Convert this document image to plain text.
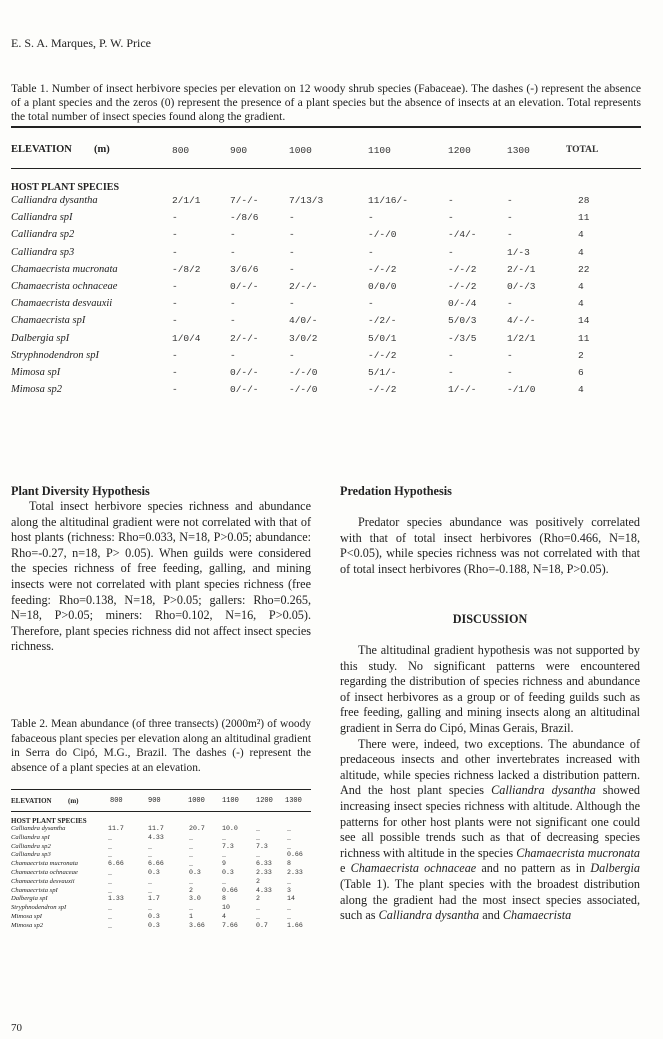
E. S. A. Marques, P. W. Price
Table 1. Number of insect herbivore species per elevation on 12 woody shrub species (Fabaceae). The dashes (-) represent the absence of a plant species and the zeros (0) represent the presence of a plant species but the absence of insects at an elevation. Total represents the total number of insect species found along the gradient.
ELEVATION (m)	800	900	1000	1100	1200	1300	TOTAL
HOST PLANT SPECIES
Calliandra dysantha	2/1/1	7/-/-	7/13/3	11/16/-	-	-	28
Calliandra spI	-	-/8/6	-	-	-	-	11
Calliandra sp2	-	-	-	-/-/0	-/4/-	-	4
Calliandra sp3	-	-	-	-	-	1/-3	4
Chamaecrista mucronata	-/8/2	3/6/6	-	-/-/2	-/-/2	2/-/1	22
Chamaecrista ochnaceae	-	0/-/-	2/-/-	0/0/0	-/-/2	0/-/3	4
Chamaecrista desvauxii	-	-	-	-	0/-/4	-	4
Chamaecrista spI	-	-	4/0/-	-/2/-	5/0/3	4/-/-	14
Dalbergia spI	1/0/4	2/-/-	3/0/2	5/0/1	-/3/5	1/2/1	11
Stryphnodendron spI	-	-	-	-/-/2	-	-	2
Mimosa spI	-	0/-/-	-/-/0	5/1/-	-	-	6
Mimosa sp2	-	0/-/-	-/-/0	-/-/2	1/-/-	-/1/0	4
Plant Diversity Hypothesis
Total insect herbivore species richness and abundance along the altitudinal gradient were not correlated with that of host plants (richness: Rho=0.033, N=18, P>0.05; abundance: Rho=-0.27, n=18, P> 0.05). When guilds were considered the species richness of free feeding, galling, and mining insects were not correlated with plant species richness (free feeding: Rho=0.138, N=18, P>0.05; gallers: Rho=0.265, N=18, P>0.05; miners: Rho=0.102, N=16, P>0.05). Therefore, plant species richness did not affect insect species richness.
Table 2. Mean abundance (of three transects) (2000m²) of woody fabaceous plant species per elevation along an altitudinal gradient in Serra do Cipó, M.G., Brazil. The dashes (-) represent the absence of a plant species at an elevation.
ELEVATION (m)	800	900	1000 1100 1200 1300
HOST PLANT SPECIES
Calliandra dysantha	11.7	11.7	20.7	10.0	_	_
Calliandra spI	_	4.33	_	_	_	_
Calliandra sp2	_	_	_	7.3	7.3	_
Calliandra sp3	_	_	_	_	_	0.66
Chamaecrista mucronata	6.66	6.66	_	9	6.33 8
Chamaecrista ochnaceae	_	0.3	0.3	0.3	2.33 2.33
Chamaecrista desvauxii	_	_	_	_	2	_
Chamaecrista spI	_	_	2	0.66	4.33 3
Dalbergia spI	1.33	1.7	3.0	8	2	14
Stryphnodendron spI	_	_	_	10	_	_
Mimosa spI	_	0.3	1	4	_	_
Mimosa sp2	_	0.3	3.66	7.66	0.7	1.66
Predation Hypothesis
Predator species abundance was positively correlated with that of total insect herbivores (Rho=0.466, N=18, P<0.05), while species richness was not correlated with that of total insect herbivores (Rho=-0.188, N=18, P>0.05).
DISCUSSION
The altitudinal gradient hypothesis was not supported by this study. No significant patterns were encountered regarding the distribution of species richness and abundance of insect herbivores as a group or of feeding guilds such as free feeding, galling and mining insects along an altitudinal gradient in Serra do Cipó, Minas Gerais, Brazil.
There were, indeed, two exceptions. The abundance of predaceous insects and other invertebrates increased with altitude, while species richness lacked a distribution pattern. And the host plant species Calliandra dysantha showed increasing insect species richness with altitude. Although the patterns for other host plants were not significant one could see all possible trends such as that of decreasing species richness with altitude in the species Chamaecrista mucronata e Chamaecrista ochnaceae and no pattern as in Dalbergia (Table 1). The plant species with the broadest distribution along the gradient had the most insect species associated, such as Calliandra dysantha and Chamaecrista
70
